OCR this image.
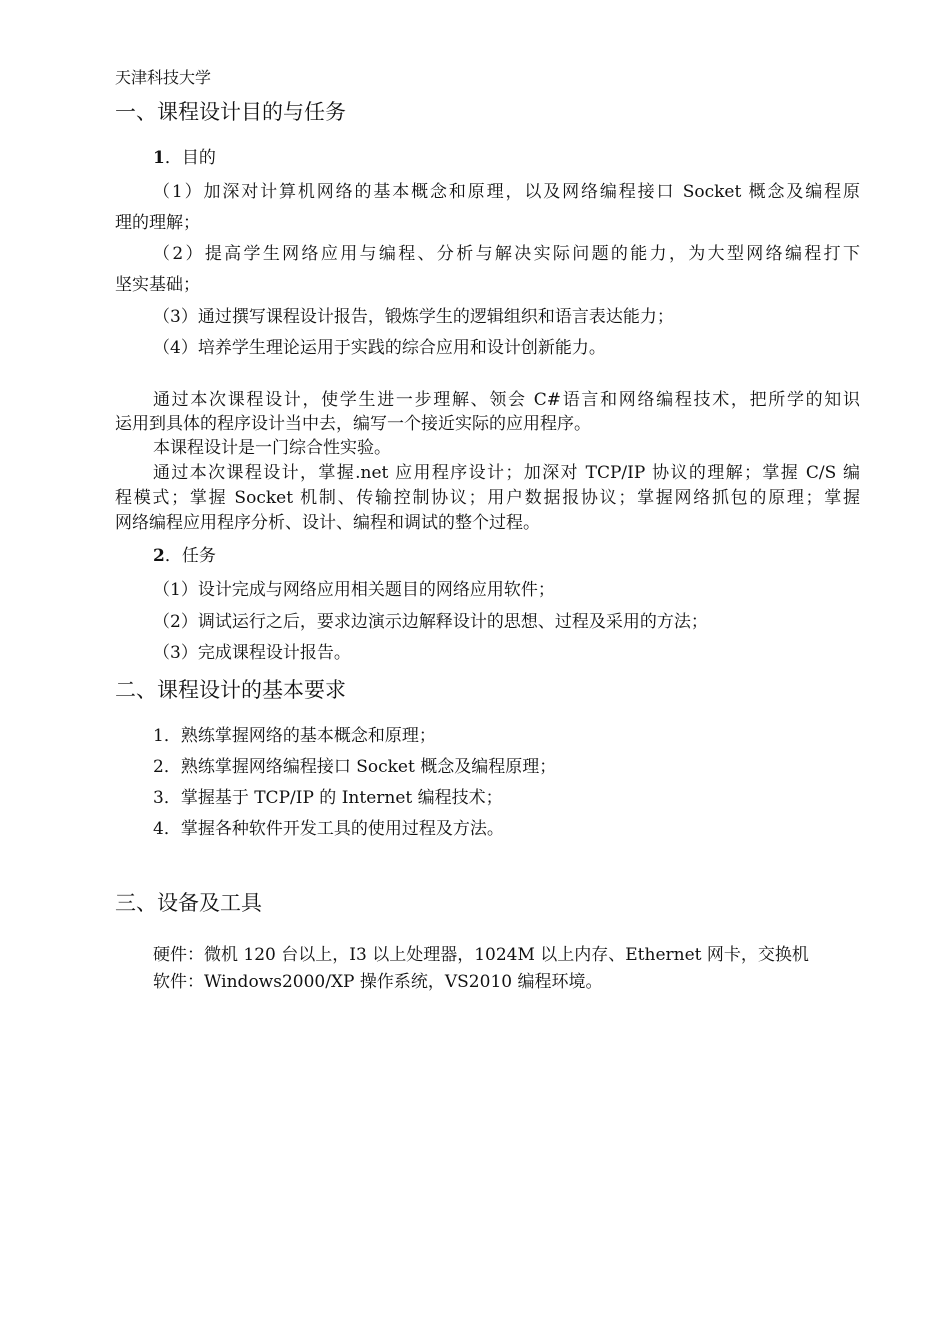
天津科技大学
一、课程设计目的与任务
1．目的
（1）加深对计算机网络的基本概念和原理，以及网络编程接口 Socket 概念及编程原
理的理解；
（2）提高学生网络应用与编程、分析与解决实际问题的能力，为大型网络编程打下
坚实基础；
（3）通过撰写课程设计报告，锻炼学生的逻辑组织和语言表达能力；
（4）培养学生理论运用于实践的综合应用和设计创新能力。
通过本次课程设计，使学生进一步理解、领会 C#语言和网络编程技术，把所学的知识
运用到具体的程序设计当中去，编写一个接近实际的应用程序。
本课程设计是一门综合性实验。
通过本次课程设计，掌握.net 应用程序设计；加深对 TCP/IP 协议的理解；掌握 C/S 编
程模式；掌握 Socket 机制、传输控制协议；用户数据报协议；掌握网络抓包的原理；掌握
网络编程应用程序分析、设计、编程和调试的整个过程。
2．任务
（1）设计完成与网络应用相关题目的网络应用软件；
（2）调试运行之后，要求边演示边解释设计的思想、过程及采用的方法；
（3）完成课程设计报告。
二、课程设计的基本要求
1．熟练掌握网络的基本概念和原理；
2．熟练掌握网络编程接口 Socket 概念及编程原理；
3．掌握基于 TCP/IP 的 Internet 编程技术；
4．掌握各种软件开发工具的使用过程及方法。
三、设备及工具
硬件：微机 120 台以上，I3 以上处理器，1024M 以上内存、Ethernet 网卡，交换机
软件：Windows2000/XP 操作系统，VS2010 编程环境。
